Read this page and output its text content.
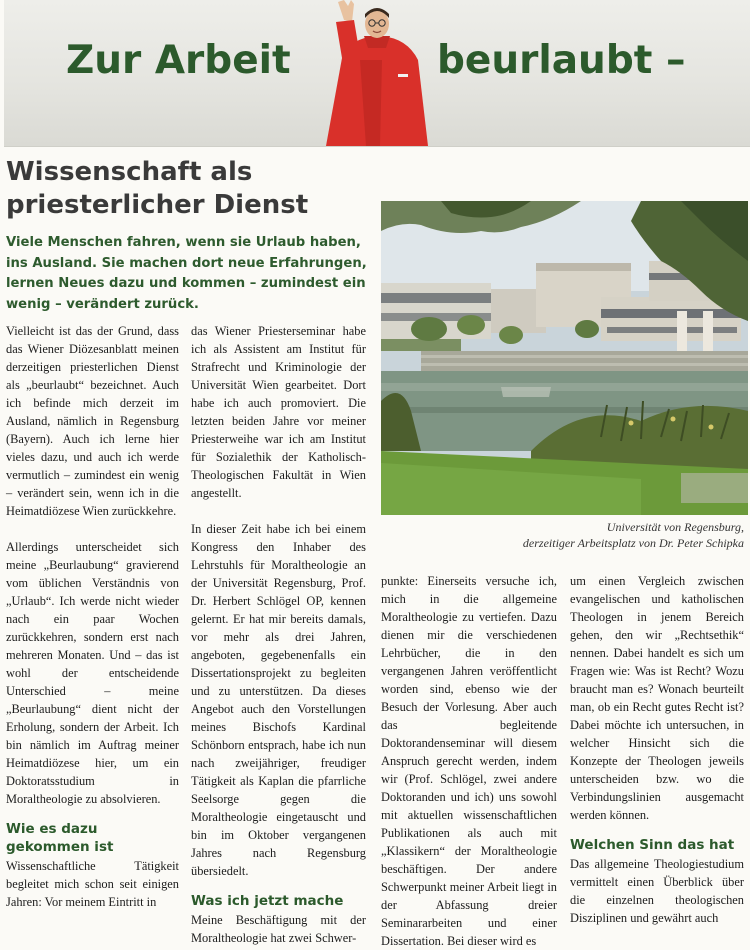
Zur Arbeit	beurlaubt –
Wissenschaft als
priesterlicher Dienst
Viele Menschen fahren, wenn sie Urlaub haben, ins Ausland. Sie machen dort neue Erfahrungen, lernen Neues dazu und kommen – zumindest ein wenig – verändert zurück.
Universität von Regensburg,
derzeitiger Arbeitsplatz von Dr. Peter Schipka

Vielleicht ist das der Grund, dass das Wiener Diözesanblatt meinen derzeitigen priesterlichen Dienst als „beurlaubt“ bezeichnet. Auch ich befinde mich derzeit im Ausland, nämlich in Regensburg (Bayern). Auch ich lerne hier vieles dazu, und auch ich werde vermutlich – zumindest ein wenig – verändert sein, wenn ich in die Heimatdiözese Wien zurückkehre.

Allerdings unterscheidet sich meine „Beurlaubung“ gravierend vom üblichen Verständnis von „Urlaub“. Ich werde nicht wieder nach ein paar Wochen zurückkehren, sondern erst nach mehreren Monaten. Und – das ist wohl der entscheidende Unterschied – meine „Beurlaubung“ dient nicht der Erholung, sondern der Arbeit. Ich bin nämlich im Auftrag meiner Heimatdiözese hier, um ein Doktoratsstudium in Moraltheologie zu absolvieren.

Wie es dazu gekommen ist

Wissenschaftliche Tätigkeit begleitet mich schon seit einigen Jahren: Vor meinem Eintritt in

das Wiener Priesterseminar habe ich als Assistent am Institut für Strafrecht und Kriminologie der Universität Wien gearbeitet. Dort habe ich auch promoviert. Die letzten beiden Jahre vor meiner Priesterweihe war ich am Institut für Sozialethik der Katholisch-Theologischen Fakultät in Wien angestellt.

In dieser Zeit habe ich bei einem Kongress den Inhaber des Lehrstuhls für Moraltheologie an der Universität Regensburg, Prof. Dr. Herbert Schlögel OP, kennen gelernt. Er hat mir bereits damals, vor mehr als drei Jahren, angeboten, gegebenenfalls ein Dissertationsprojekt zu begleiten und zu unterstützen. Da dieses Angebot auch den Vorstellungen meines Bischofs Kardinal Schönborn entsprach, habe ich nun nach zweijähriger, freudiger Tätigkeit als Kaplan die pfarrliche Seelsorge gegen die Moraltheologie eingetauscht und bin im Oktober vergangenen Jahres nach Regensburg übersiedelt.

Was ich jetzt mache

Meine Beschäftigung mit der Moraltheologie hat zwei Schwer-

punkte: Einerseits versuche ich, mich in die allgemeine Moraltheologie zu vertiefen. Dazu dienen mir die verschiedenen Lehrbücher, die in den vergangenen Jahren veröffentlicht worden sind, ebenso wie der Besuch der Vorlesung. Aber auch das begleitende Doktorandenseminar will diesem Anspruch gerecht werden, indem wir (Prof. Schlögel, zwei andere Doktoranden und ich) uns sowohl mit aktuellen wissenschaftlichen Publikationen als auch mit „Klassikern“ der Moraltheologie beschäftigen. Der andere Schwerpunkt meiner Arbeit liegt in der Abfassung dreier Seminararbeiten und einer Dissertation. Bei dieser wird es

um einen Vergleich zwischen evangelischen und katholischen Theologen in jenem Bereich gehen, den wir „Rechtsethik“ nennen. Dabei handelt es sich um Fragen wie: Was ist Recht? Wozu braucht man es? Wonach beurteilt man, ob ein Recht gutes Recht ist? Dabei möchte ich untersuchen, in welcher Hinsicht sich die Konzepte der Theologen jeweils unterscheiden bzw. wo die Verbindungslinien ausgemacht werden können.

Welchen Sinn das hat

Das allgemeine Theologiestudium vermittelt einen Überblick über die einzelnen theologischen Disziplinen und gewährt auch
